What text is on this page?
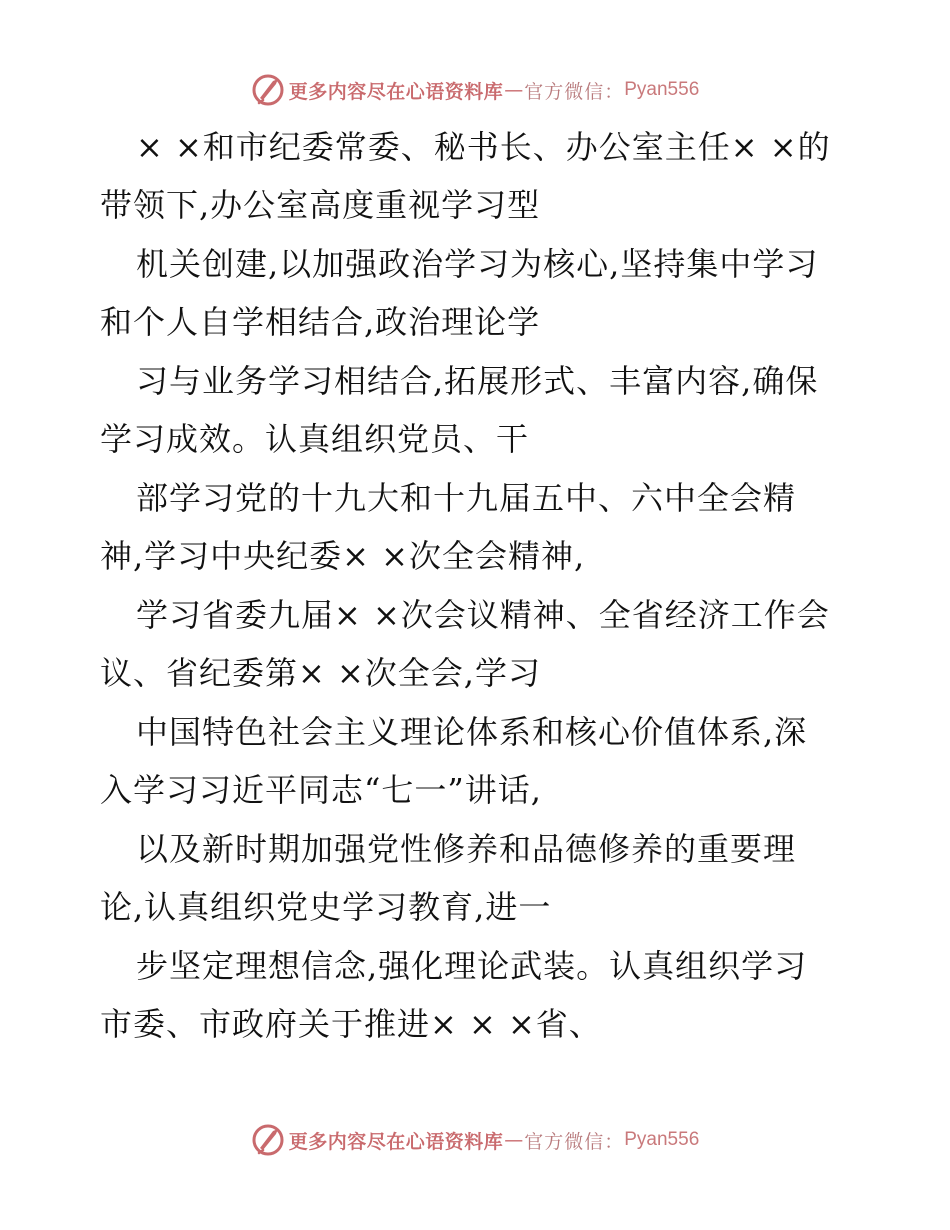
更多内容尽在心语资料库 — 官方微信： Pyan556
× ×和市纪委常委、秘书长、办公室主任× ×的
带领下,办公室高度重视学习型
机关创建,以加强政治学习为核心,坚持集中学习
和个人自学相结合,政治理论学
习与业务学习相结合,拓展形式、丰富内容,确保
学习成效。认真组织党员、干
部学习党的十九大和十九届五中、六中全会精
神,学习中央纪委× ×次全会精神,
学习省委九届× ×次会议精神、全省经济工作会
议、省纪委第× ×次全会,学习
中国特色社会主义理论体系和核心价值体系,深
入学习习近平同志“七一”讲话,
以及新时期加强党性修养和品德修养的重要理
论,认真组织党史学习教育,进一
步坚定理想信念,强化理论武装。认真组织学习
市委、市政府关于推进× × ×省、
更多内容尽在心语资料库 — 官方微信： Pyan556
